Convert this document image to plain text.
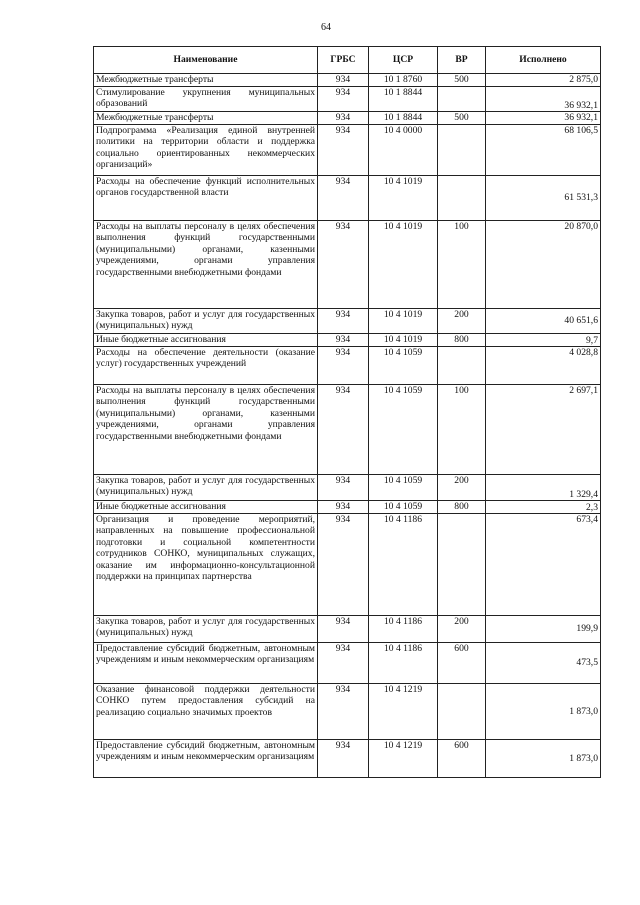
64
Наименование	ГРБС	ЦСР	ВР	Исполнено
Межбюджетные трансферты	934	10 1 8760	500	2 875,0
Стимулирование укрупнения муниципальных образований	934	10 1 8844		36 932,1
Межбюджетные трансферты	934	10 1 8844	500	36 932,1
Подпрограмма «Реализация единой внутренней политики на территории области и поддержка социально ориентированных некоммерческих организаций»	934	10 4 0000		68 106,5
Расходы на обеспечение функций исполнительных органов государственной власти	934	10 4 1019		61 531,3
Расходы на выплаты персоналу в целях обеспечения выполнения функций государственными (муниципальными) органами, казенными учреждениями, органами управления государственными внебюджетными фондами	934	10 4 1019	100	20 870,0
Закупка товаров, работ и услуг для государственных (муниципальных) нужд	934	10 4 1019	200	40 651,6
Иные бюджетные ассигнования	934	10 4 1019	800	9,7
Расходы на обеспечение деятельности (оказание услуг) государственных учреждений	934	10 4 1059		4 028,8
Расходы на выплаты персоналу в целях обеспечения выполнения функций государственными (муниципальными) органами, казенными учреждениями, органами управления государственными внебюджетными фондами	934	10 4 1059	100	2 697,1
Закупка товаров, работ и услуг для государственных (муниципальных) нужд	934	10 4 1059	200	1 329,4
Иные бюджетные ассигнования	934	10 4 1059	800	2,3
Организация и проведение мероприятий, направленных на повышение профессиональной подготовки и социальной компетентности сотрудников СОНКО, муниципальных служащих, оказание им информационно-консультационной поддержки на принципах партнерства	934	10 4 1186		673,4
Закупка товаров, работ и услуг для государственных (муниципальных) нужд	934	10 4 1186	200	199,9
Предоставление субсидий бюджетным, автономным учреждениям и иным некоммерческим организациям	934	10 4 1186	600	473,5
Оказание финансовой поддержки деятельности СОНКО путем предоставления субсидий на реализацию социально значимых проектов	934	10 4 1219		1 873,0
Предоставление субсидий бюджетным, автономным учреждениям и иным некоммерческим организациям	934	10 4 1219	600	1 873,0
